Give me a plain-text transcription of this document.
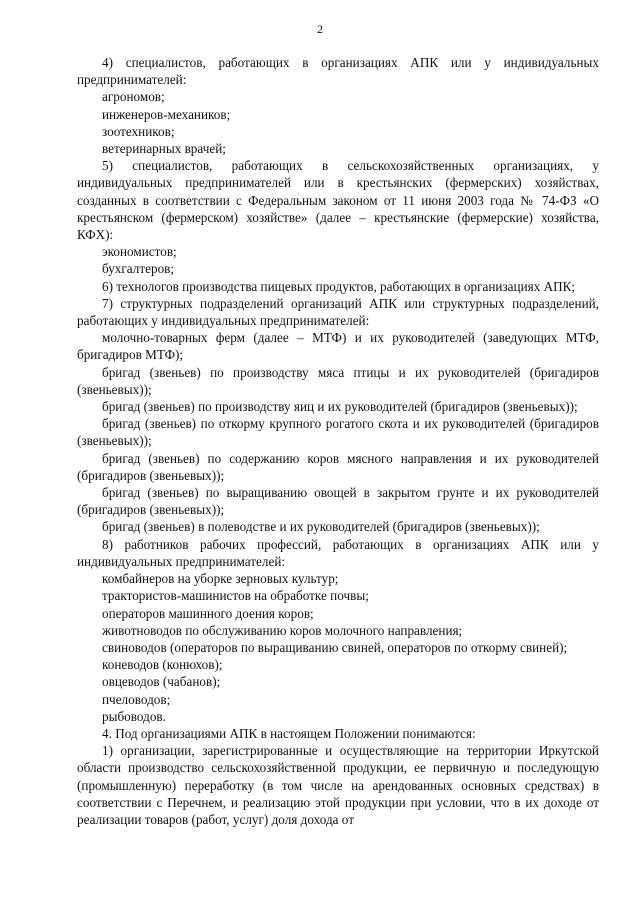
2
4) специалистов, работающих в организациях АПК или у индивидуальных предпринимателей:
агрономов;
инженеров-механиков;
зоотехников;
ветеринарных врачей;
5) специалистов, работающих в сельскохозяйственных организациях, у индивидуальных предпринимателей или в крестьянских (фермерских) хозяйствах, созданных в соответствии с Федеральным законом от 11 июня 2003 года № 74-ФЗ «О крестьянском (фермерском) хозяйстве» (далее – крестьянские (фермерские) хозяйства, КФХ):
экономистов;
бухгалтеров;
6) технологов производства пищевых продуктов, работающих в организациях АПК;
7) структурных подразделений организаций АПК или структурных подразделений, работающих у индивидуальных предпринимателей:
молочно-товарных ферм (далее – МТФ) и их руководителей (заведующих МТФ, бригадиров МТФ);
бригад (звеньев) по производству мяса птицы и их руководителей (бригадиров (звеньевых));
бригад (звеньев) по производству яиц и их руководителей (бригадиров (звеньевых));
бригад (звеньев) по откорму крупного рогатого скота и их руководителей (бригадиров (звеньевых));
бригад (звеньев) по содержанию коров мясного направления и их руководителей (бригадиров (звеньевых));
бригад (звеньев) по выращиванию овощей в закрытом грунте и их руководителей (бригадиров (звеньевых));
бригад (звеньев) в полеводстве и их руководителей (бригадиров (звеньевых));
8) работников рабочих профессий, работающих в организациях АПК или у индивидуальных предпринимателей:
комбайнеров на уборке зерновых культур;
трактористов-машинистов на обработке почвы;
операторов машинного доения коров;
животноводов по обслуживанию коров молочного направления;
свиноводов (операторов по выращиванию свиней, операторов по откорму свиней);
коневодов (конюхов);
овцеводов (чабанов);
пчеловодов;
рыбоводов.
4. Под организациями АПК в настоящем Положении понимаются:
1) организации, зарегистрированные и осуществляющие на территории Иркутской области производство сельскохозяйственной продукции, ее первичную и последующую (промышленную) переработку (в том числе на арендованных основных средствах) в соответствии с Перечнем, и реализацию этой продукции при условии, что в их доходе от реализации товаров (работ, услуг) доля дохода от
